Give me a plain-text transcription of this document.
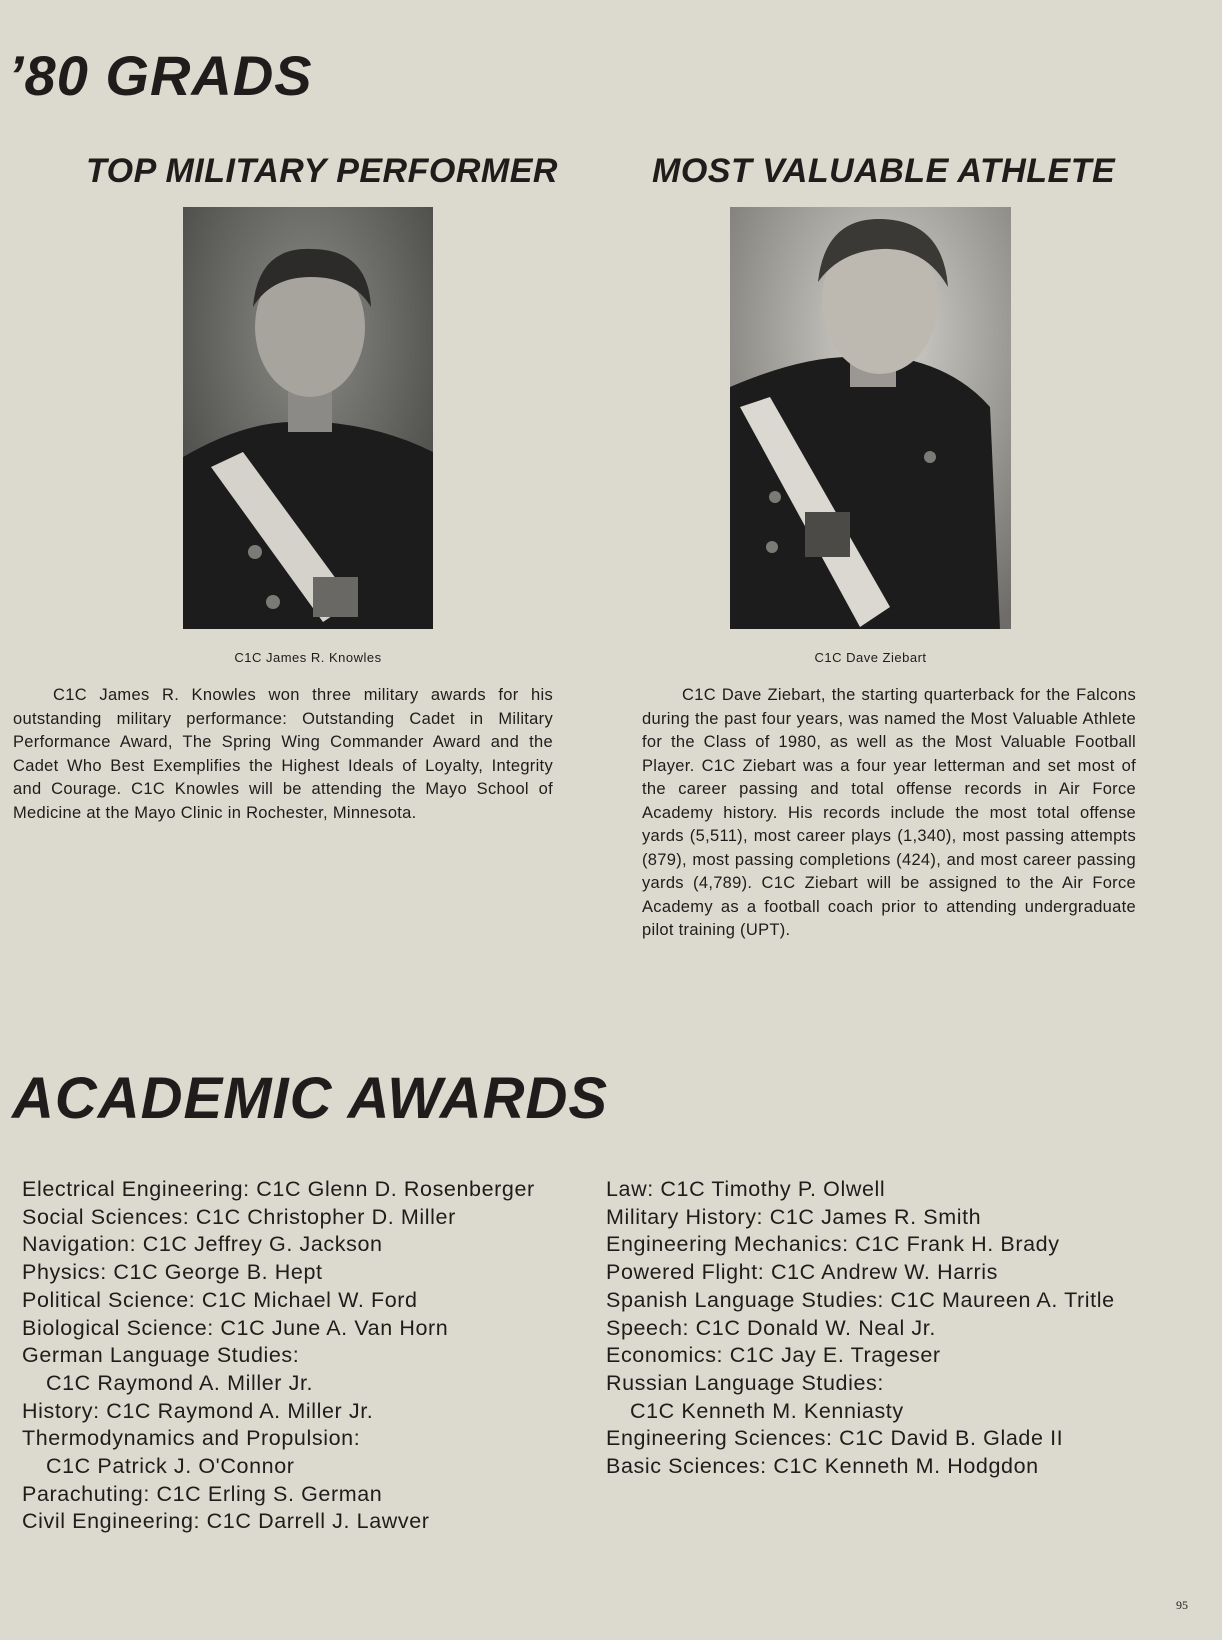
’80 GRADS
TOP MILITARY PERFORMER	MOST VALUABLE ATHLETE
C1C James R. Knowles	C1C Dave Ziebart

C1C James R. Knowles won three military awards for his outstanding military performance: Outstanding Cadet in Military Performance Award, The Spring Wing Commander Award and the Cadet Who Best Exemplifies the Highest Ideals of Loyalty, Integrity and Courage. C1C Knowles will be attending the Mayo School of Medicine at the Mayo Clinic in Rochester, Minnesota.

C1C Dave Ziebart, the starting quarterback for the Falcons during the past four years, was named the Most Valuable Athlete for the Class of 1980, as well as the Most Valuable Football Player. C1C Ziebart was a four year letterman and set most of the career passing and total offense records in Air Force Academy history. His records include the most total offense yards (5,511), most career plays (1,340), most passing attempts (879), most passing completions (424), and most career passing yards (4,789). C1C Ziebart will be assigned to the Air Force Academy as a football coach prior to attending undergraduate pilot training (UPT).

ACADEMIC AWARDS
Electrical Engineering: C1C Glenn D. Rosenberger
Social Sciences: C1C Christopher D. Miller
Navigation: C1C Jeffrey G. Jackson
Physics: C1C George B. Hept
Political Science: C1C Michael W. Ford
Biological Science: C1C June A. Van Horn
German Language Studies:
C1C Raymond A. Miller Jr.
History: C1C Raymond A. Miller Jr.
Thermodynamics and Propulsion:
C1C Patrick J. O'Connor
Parachuting: C1C Erling S. German
Civil Engineering: C1C Darrell J. Lawver
Law: C1C Timothy P. Olwell
Military History: C1C James R. Smith
Engineering Mechanics: C1C Frank H. Brady
Powered Flight: C1C Andrew W. Harris
Spanish Language Studies: C1C Maureen A. Tritle
Speech: C1C Donald W. Neal Jr.
Economics: C1C Jay E. Trageser
Russian Language Studies:
C1C Kenneth M. Kenniasty
Engineering Sciences: C1C David B. Glade II
Basic Sciences: C1C Kenneth M. Hodgdon
95
